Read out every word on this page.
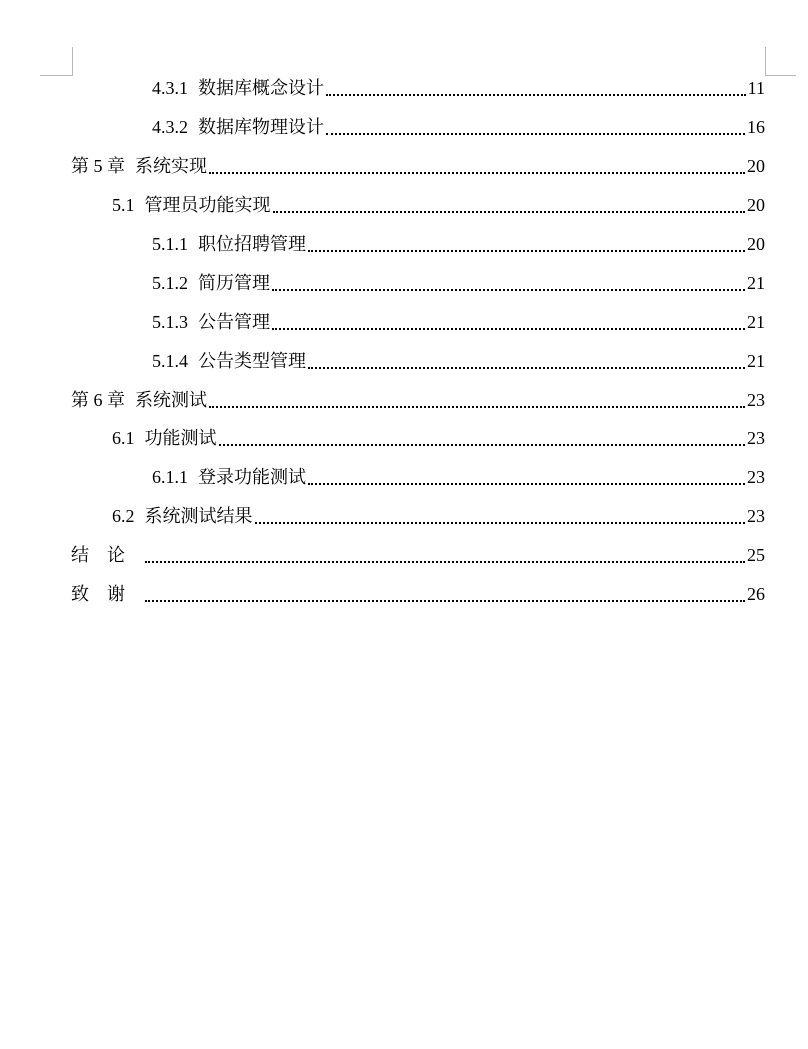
4.3.1 数据库概念设计	11
4.3.2 数据库物理设计	16
第 5 章 系统实现	20
5.1 管理员功能实现	20
5.1.1 职位招聘管理	20
5.1.2 简历管理	21
5.1.3 公告管理	21
5.1.4 公告类型管理	21
第 6 章 系统测试	23
6.1 功能测试	23
6.1.1 登录功能测试	23
6.2 系统测试结果	23
结论	25
致谢	26
